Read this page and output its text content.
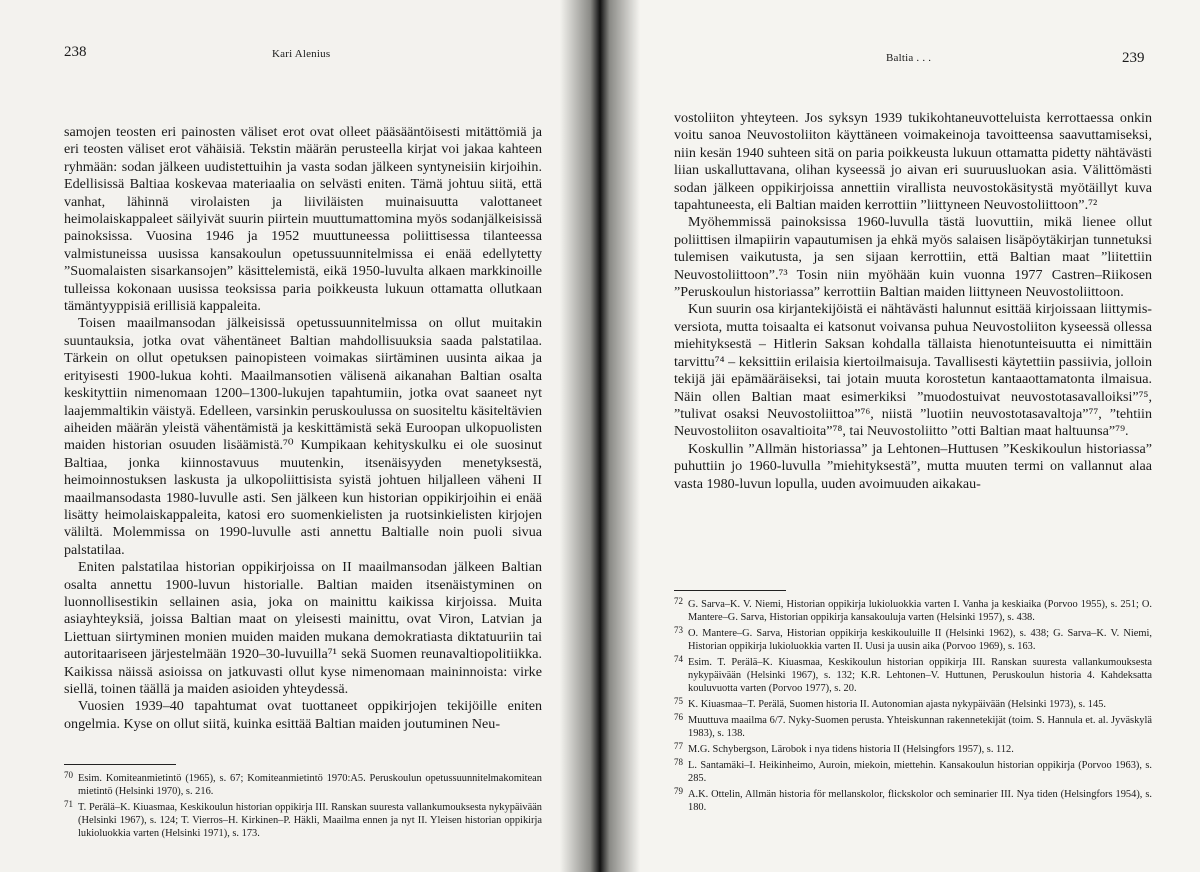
238	Kari Alenius

samojen teosten eri painosten väliset erot ovat olleet pääsääntöisesti mitättömiä ja eri teosten väliset erot vähäisiä. Tekstin määrän perusteella kirjat voi jakaa kahteen ryhmään: sodan jälkeen uudistettuihin ja vasta sodan jälkeen syntyneisiin kirjoihin. Edellisissä Baltiaa koskevaa materiaalia on selvästi eniten. Tämä johtuu siitä, että vanhat, lähinnä virolaisten ja liiviläisten muinaisuutta valottaneet heimolaiskappaleet säilyivät suurin piirtein muuttumattomina myös sodanjälkeisissä painoksissa. Vuosina 1946 ja 1952 muuttuneessa poliittisessa tilanteessa valmistuneissa uusissa kansakoulun opetussuunnitelmissa ei enää edellytetty ”Suomalaisten sisarkansojen” käsittelemistä, eikä 1950-luvulta alkaen markkinoille tulleissa kokonaan uusissa teoksissa paria poikkeusta lukuun ottamatta ollutkaan tämäntyyppisiä erillisiä kappaleita.

Toisen maailmansodan jälkeisissä opetussuunnitelmissa on ollut muitakin suuntauksia, jotka ovat vähentäneet Baltian mahdollisuuksia saada palstatilaa. Tärkein on ollut opetuksen painopisteen voimakas siirtäminen uusinta aikaa ja erityisesti 1900-lukua kohti. Maailmansotien välisenä aikanahan Baltian osalta keskityttiin nimenomaan 1200–1300-lukujen tapahtumiin, jotka ovat saaneet nyt laajemmaltikin väistyä. Edelleen, varsinkin peruskoulussa on suositeltu käsiteltävien aiheiden määrän yleistä vähentämistä ja keskittämistä sekä Euroopan ulkopuolisten maiden historian osuuden lisäämistä.⁷⁰ Kumpikaan kehityskulku ei ole suosinut Baltiaa, jonka kiinnostavuus muutenkin, itsenäisyyden menetyksestä, heimoinnostuksen laskusta ja ulkopoliittisista syistä johtuen hiljalleen väheni II maailmansodasta 1980-luvulle asti. Sen jälkeen kun historian oppikirjoihin ei enää lisätty heimolaiskappaleita, katosi ero suomenkielisten ja ruotsinkielisten kirjojen väliltä. Molemmissa on 1990-luvulle asti annettu Baltialle noin puoli sivua palstatilaa.

Eniten palstatilaa historian oppikirjoissa on II maailmansodan jälkeen Baltian osalta annettu 1900-luvun historialle. Baltian maiden itsenäistyminen on luonnollisestikin sellainen asia, joka on mainittu kaikissa kirjoissa. Muita asiayhteyksiä, joissa Baltian maat on yleisesti mainittu, ovat Viron, Latvian ja Liettuan siirtyminen monien muiden maiden mukana demokratiasta diktatuuriin tai autoritaariseen järjestelmään 1920–30-luvuilla⁷¹ sekä Suomen reunavaltiopolitiikka. Kaikissa näissä asioissa on jatkuvasti ollut kyse nimenomaan maininnoista: virke siellä, toinen täällä ja maiden asioiden yhteydessä.

Vuosien 1939–40 tapahtumat ovat tuottaneet oppikirjojen tekijöille eniten ongelmia. Kyse on ollut siitä, kuinka esittää Baltian maiden joutuminen Neu-

70 Esim. Komiteanmietintö (1965), s. 67; Komiteanmietintö 1970:A5. Peruskoulun opetussuunnitelmakomitean mietintö (Helsinki 1970), s. 216.
71 T. Perälä–K. Kiuasmaa, Keskikoulun historian oppikirja III. Ranskan suuresta vallankumouksesta nykypäivään (Helsinki 1967), s. 124; T. Vierros–H. Kirkinen–P. Häkli, Maailma ennen ja nyt II. Yleisen historian oppikirja lukioluokkia varten (Helsinki 1971), s. 173.
Baltia . . .	239

vostoliiton yhteyteen. Jos syksyn 1939 tukikohtaneuvotteluista kerrottaessa onkin voitu sanoa Neuvostoliiton käyttäneen voimakeinoja tavoitteensa saavuttamiseksi, niin kesän 1940 suhteen sitä on paria poikkeusta lukuun ottamatta pidetty nähtävästi liian uskalluttavana, olihan kyseessä jo aivan eri suuruusluokan asia. Välittömästi sodan jälkeen oppikirjoissa annettiin virallista neuvostokäsitystä myötäillyt kuva tapahtuneesta, eli Baltian maiden kerrottiin ”liittyneen Neuvostoliittoon”.⁷²

Myöhemmissä painoksissa 1960-luvulla tästä luovuttiin, mikä lienee ollut poliittisen ilmapiirin vapautumisen ja ehkä myös salaisen lisäpöytäkirjan tunnetuksi tulemisen vaikutusta, ja sen sijaan kerrottiin, että Baltian maat ”liitettiin Neuvostoliittoon”.⁷³ Tosin niin myöhään kuin vuonna 1977 Castren–Riikosen ”Peruskoulun historiassa” kerrottiin Baltian maiden liittyneen Neuvostoliittoon.

Kun suurin osa kirjantekijöistä ei nähtävästi halunnut esittää kirjoissaan liittymis-versiota, mutta toisaalta ei katsonut voivansa puhua Neuvostoliiton kyseessä ollessa miehityksestä – Hitlerin Saksan kohdalla tällaista hienotunteisuutta ei nimittäin tarvittu⁷⁴ – keksittiin erilaisia kiertoilmaisuja. Tavallisesti käytettiin passiivia, jolloin tekijä jäi epämääräiseksi, tai jotain muuta korostetun kantaaottamatonta ilmaisua. Näin ollen Baltian maat esimerkiksi ”muodostuivat neuvostotasavalloiksi”⁷⁵, ”tulivat osaksi Neuvostoliittoa”⁷⁶, niistä ”luotiin neuvostotasavaltoja”⁷⁷, ”tehtiin Neuvostoliiton osavaltioita”⁷⁸, tai Neuvostoliitto ”otti Baltian maat haltuunsa”⁷⁹.

Koskullin ”Allmän historiassa” ja Lehtonen–Huttusen ”Keskikoulun historiassa” puhuttiin jo 1960-luvulla ”miehityksestä”, mutta muuten termi on vallannut alaa vasta 1980-luvun lopulla, uuden avoimuuden aikakau-

72 G. Sarva–K. V. Niemi, Historian oppikirja lukioluokkia varten I. Vanha ja keskiaika (Porvoo 1955), s. 251; O. Mantere–G. Sarva, Historian oppikirja kansakouluja varten (Helsinki 1957), s. 438.
73 O. Mantere–G. Sarva, Historian oppikirja keskikouluille II (Helsinki 1962), s. 438; G. Sarva–K. V. Niemi, Historian oppikirja lukioluokkia varten II. Uusi ja uusin aika (Porvoo 1969), s. 163.
74 Esim. T. Perälä–K. Kiuasmaa, Keskikoulun historian oppikirja III. Ranskan suuresta vallankumouksesta nykypäivään (Helsinki 1967), s. 132; K.R. Lehtonen–V. Huttunen, Peruskoulun historia 4. Kahdeksatta kouluvuotta varten (Porvoo 1977), s. 20.
75 K. Kiuasmaa–T. Perälä, Suomen historia II. Autonomian ajasta nykypäivään (Helsinki 1973), s. 145.
76 Muuttuva maailma 6/7. Nyky-Suomen perusta. Yhteiskunnan rakennetekijät (toim. S. Hannula et. al. Jyväskylä 1983), s. 138.
77 M.G. Schybergson, Lärobok i nya tidens historia II (Helsingfors 1957), s. 112.
78 L. Santamäki–I. Heikinheimo, Auroin, miekoin, miettehin. Kansakoulun historian oppikirja (Porvoo 1963), s. 285.
79 A.K. Ottelin, Allmän historia för mellanskolor, flickskolor och seminarier III. Nya tiden (Helsingfors 1954), s. 180.
